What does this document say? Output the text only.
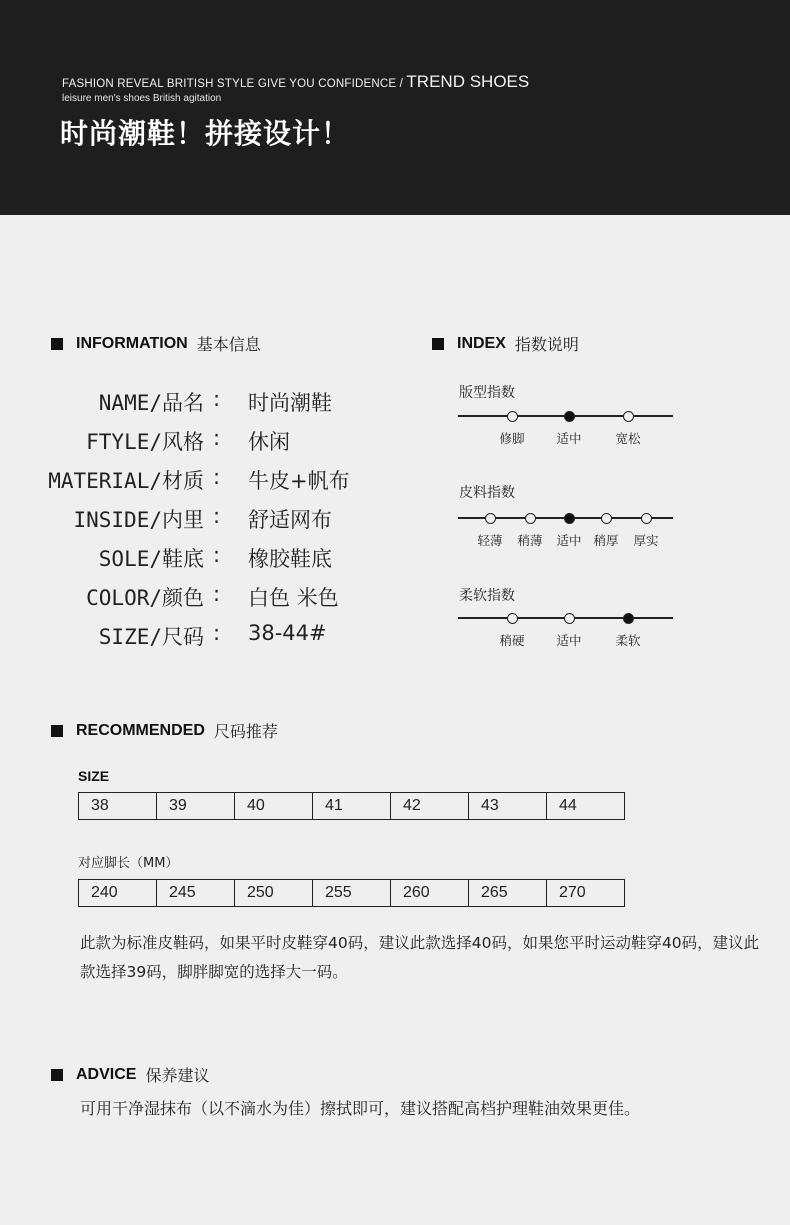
FASHION REVEAL BRITISH STYLE GIVE YOU CONFIDENCE / TREND SHOES
leisure men's shoes British agitation
时尚潮鞋！拼接设计！
INFORMATION 基本信息
NAME/品名 : 时尚潮鞋
FTYLE/风格 : 休闲
MATERIAL/材质 : 牛皮+帆布
INSIDE/内里 : 舒适网布
SOLE/鞋底 : 橡胶鞋底
COLOR/颜色 : 白色 米色
SIZE/尺码 : 38-44#
INDEX 指数说明
版型指数
修脚	适中	宽松
皮料指数
轻薄 稍薄 适中 稍厚 厚实
柔软指数
稍硬	适中	柔软
RECOMMENDED 尺码推荐
SIZE
38	39	40	41	42	43	44
对应脚长（MM）
240	245	250	255	260	265	270
此款为标准皮鞋码，如果平时皮鞋穿40码，建议此款选择40码，如果您平时运动鞋穿40码，建议此款选择39码，脚胖脚宽的选择大一码。
ADVICE 保养建议
可用干净湿抹布（以不滴水为佳）擦拭即可，建议搭配高档护理鞋油效果更佳。
